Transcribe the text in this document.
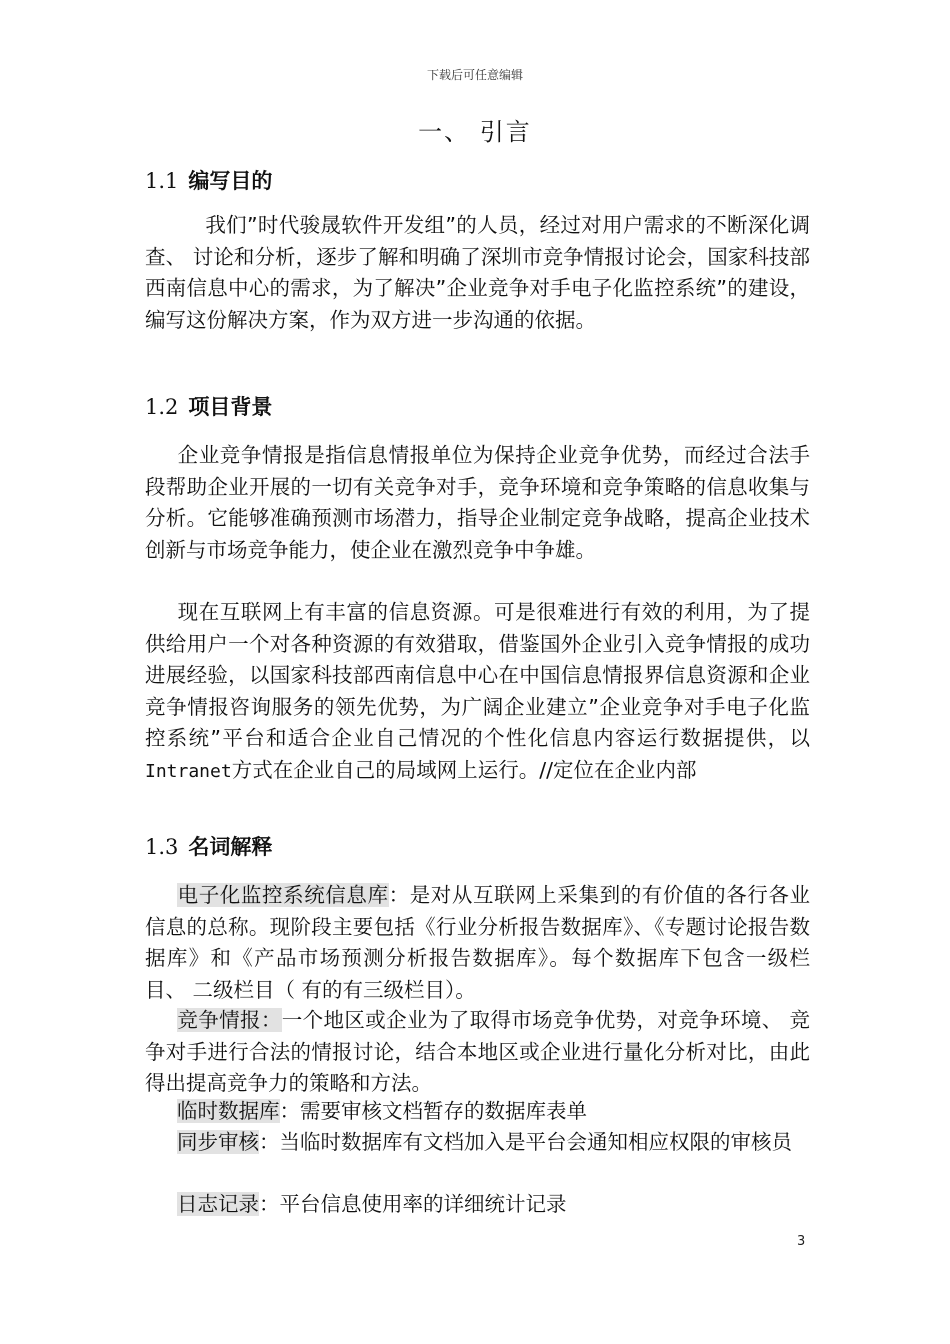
下载后可任意编辑
一、 引言
1.1 编写目的
我们”时代骏晟软件开发组”的人员，经过对用户需求的不断深化调查、 讨论和分析，逐步了解和明确了深圳市竞争情报讨论会，国家科技部西南信息中心的需求，为了解决”企业竞争对手电子化监控系统”的建设，编写这份解决方案，作为双方进一步沟通的依据。
1.2 项目背景
企业竞争情报是指信息情报单位为保持企业竞争优势，而经过合法手段帮助企业开展的一切有关竞争对手，竞争环境和竞争策略的信息收集与分析。它能够准确预测市场潜力，指导企业制定竞争战略，提高企业技术创新与市场竞争能力，使企业在激烈竞争中争雄。
现在互联网上有丰富的信息资源。可是很难进行有效的利用，为了提供给用户一个对各种资源的有效猎取，借鉴国外企业引入竞争情报的成功进展经验，以国家科技部西南信息中心在中国信息情报界信息资源和企业竞争情报咨询服务的领先优势，为广阔企业建立”企业竞争对手电子化监控系统”平台和适合企业自己情况的个性化信息内容运行数据提供，以Intranet方式在企业自己的局域网上运行。//定位在企业内部
1.3 名词解释
电子化监控系统信息库：是对从互联网上采集到的有价值的各行各业信息的总称。现阶段主要包括《行业分析报告数据库》、《专题讨论报告数据库》和《产品市场预测分析报告数据库》。每个数据库下包含一级栏目、 二级栏目（ 有的有三级栏目）。
竞争情报：一个地区或企业为了取得市场竞争优势，对竞争环境、 竞争对手进行合法的情报讨论，结合本地区或企业进行量化分析对比，由此得出提高竞争力的策略和方法。
临时数据库：需要审核文档暂存的数据库表单
同步审核：当临时数据库有文档加入是平台会通知相应权限的审核员
日志记录：平台信息使用率的详细统计记录
3
